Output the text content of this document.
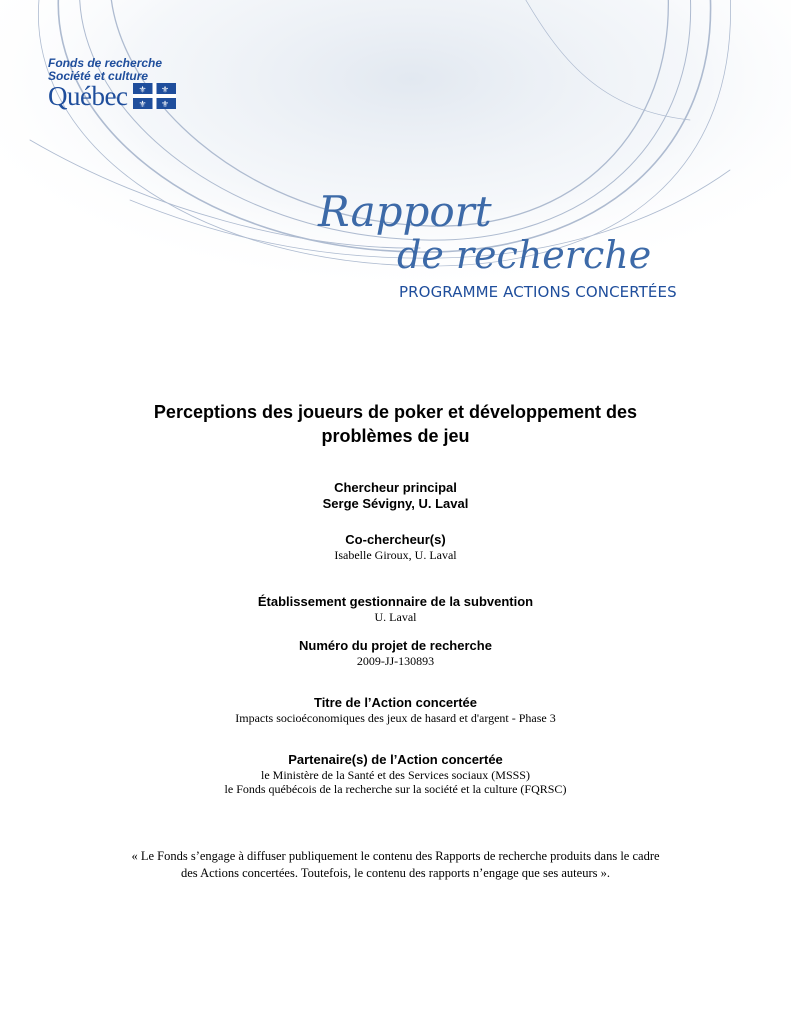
Fonds de recherche
Société et culture
Québec ⚜ ⚜
⚜ ⚜
Rapport
de recherche
PROGRAMME ACTIONS CONCERTÉES
Perceptions des joueurs de poker et développement des
problèmes de jeu

Chercheur principal

Serge Sévigny, U. Laval

Co-chercheur(s)

Isabelle Giroux, U. Laval

Établissement gestionnaire de la subvention

U. Laval

Numéro du projet de recherche

2009-JJ-130893

Titre de l’Action concertée

Impacts socioéconomiques des jeux de hasard et d'argent - Phase 3

Partenaire(s) de l’Action concertée

le Ministère de la Santé et des Services sociaux (MSSS)

le Fonds québécois de la recherche sur la société et la culture (FQRSC)

« Le Fonds s’engage à diffuser publiquement le contenu des Rapports de recherche produits dans le cadre
des Actions concertées. Toutefois, le contenu des rapports n’engage que ses auteurs ».
